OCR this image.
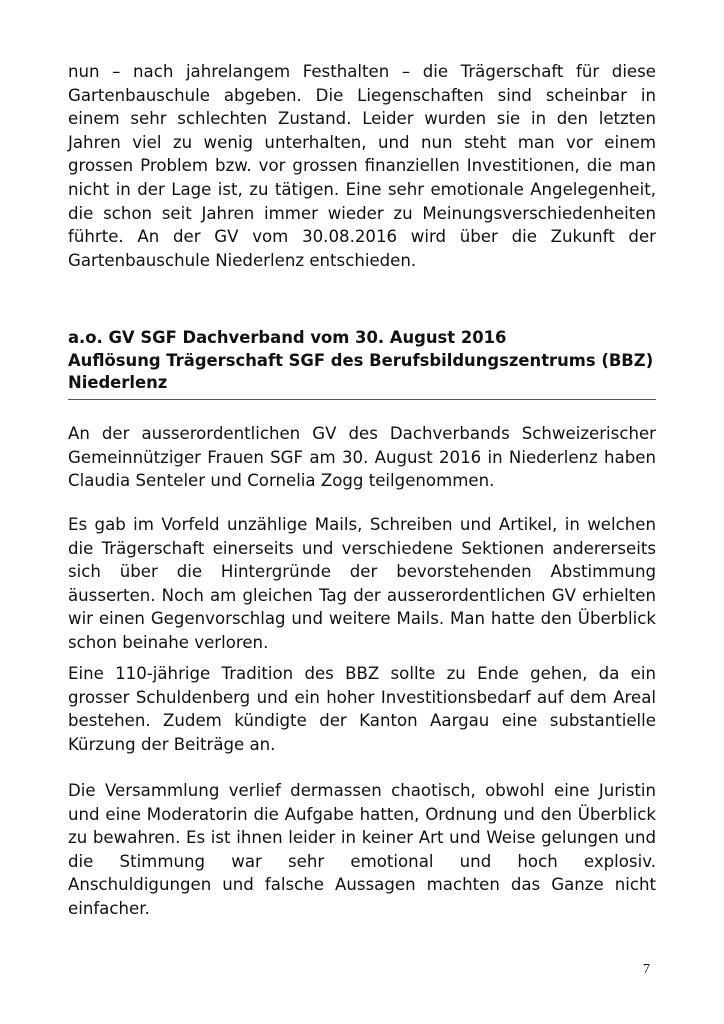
nun – nach jahrelangem Festhalten – die Trägerschaft für diese Gartenbauschule abgeben. Die Liegenschaften sind scheinbar in einem sehr schlechten Zustand. Leider wurden sie in den letzten Jahren viel zu wenig unterhalten, und nun steht man vor einem grossen Problem bzw. vor grossen finanziellen Investitionen, die man nicht in der Lage ist, zu tätigen. Eine sehr emotionale Angelegenheit, die schon seit Jahren immer wieder zu Meinungsverschiedenheiten führte. An der GV vom 30.08.2016 wird über die Zukunft der Gartenbauschule Niederlenz entschieden.
a.o. GV SGF Dachverband vom 30. August 2016
Auflösung Trägerschaft SGF des Berufsbildungszentrums (BBZ)
Niederlenz
An der ausserordentlichen GV des Dachverbands Schweizerischer Gemeinnütziger Frauen SGF am 30. August 2016 in Niederlenz haben Claudia Senteler und Cornelia Zogg teilgenommen.
Es gab im Vorfeld unzählige Mails, Schreiben und Artikel, in welchen die Trägerschaft einerseits und verschiedene Sektionen andererseits sich über die Hintergründe der bevorstehenden Abstimmung äusserten. Noch am gleichen Tag der ausserordentlichen GV erhielten wir einen Gegenvorschlag und weitere Mails. Man hatte den Überblick schon beinahe verloren.
Eine 110-jährige Tradition des BBZ sollte zu Ende gehen, da ein grosser Schuldenberg und ein hoher Investitionsbedarf auf dem Areal bestehen. Zudem kündigte der Kanton Aargau eine substantielle Kürzung der Beiträge an.
Die Versammlung verlief dermassen chaotisch, obwohl eine Juristin und eine Moderatorin die Aufgabe hatten, Ordnung und den Überblick zu bewahren. Es ist ihnen leider in keiner Art und Weise gelungen und die Stimmung war sehr emotional und hoch explosiv. Anschuldigungen und falsche Aussagen machten das Ganze nicht einfacher.
7
